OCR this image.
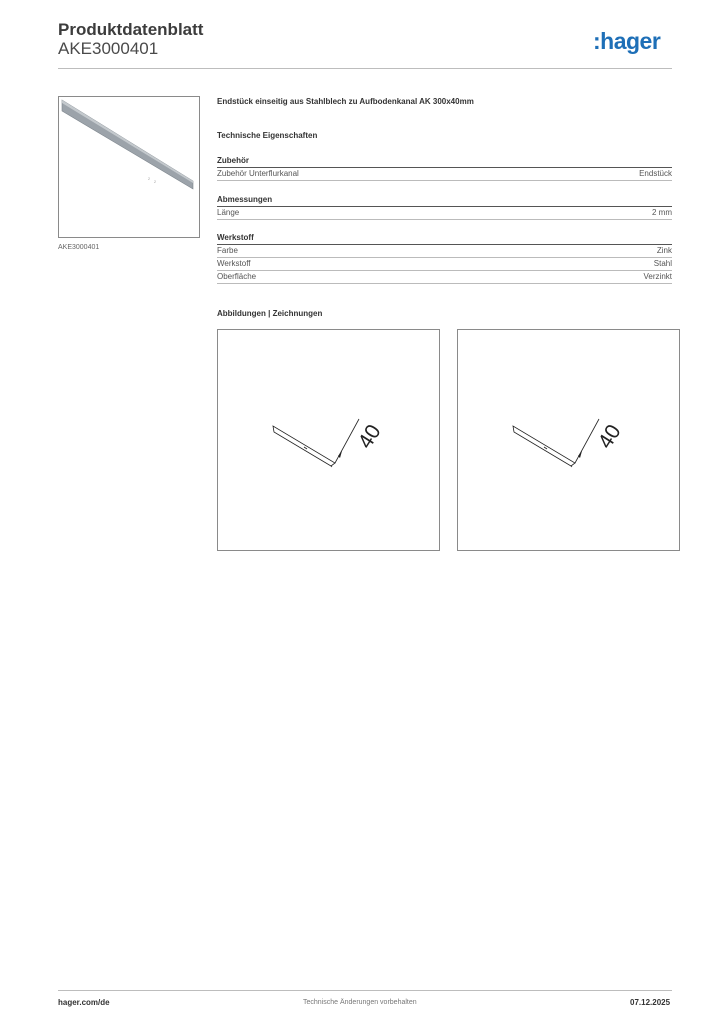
Produktdatenblatt
AKE3000401	:hager
2
2
AKE3000401
Endstück einseitig aus Stahlblech zu Aufbodenkanal AK 300x40mm
Technische Eigenschaften
Zubehör
Zubehör Unterflurkanal	Endstück
Abmessungen
Länge	2 mm
Werkstoff
Farbe	Zink
Werkstoff	Stahl
Oberfläche	Verzinkt
Abbildungen | Zeichnungen
40	40
hager.com/de	Technische Änderungen vorbehalten	07.12.2025
